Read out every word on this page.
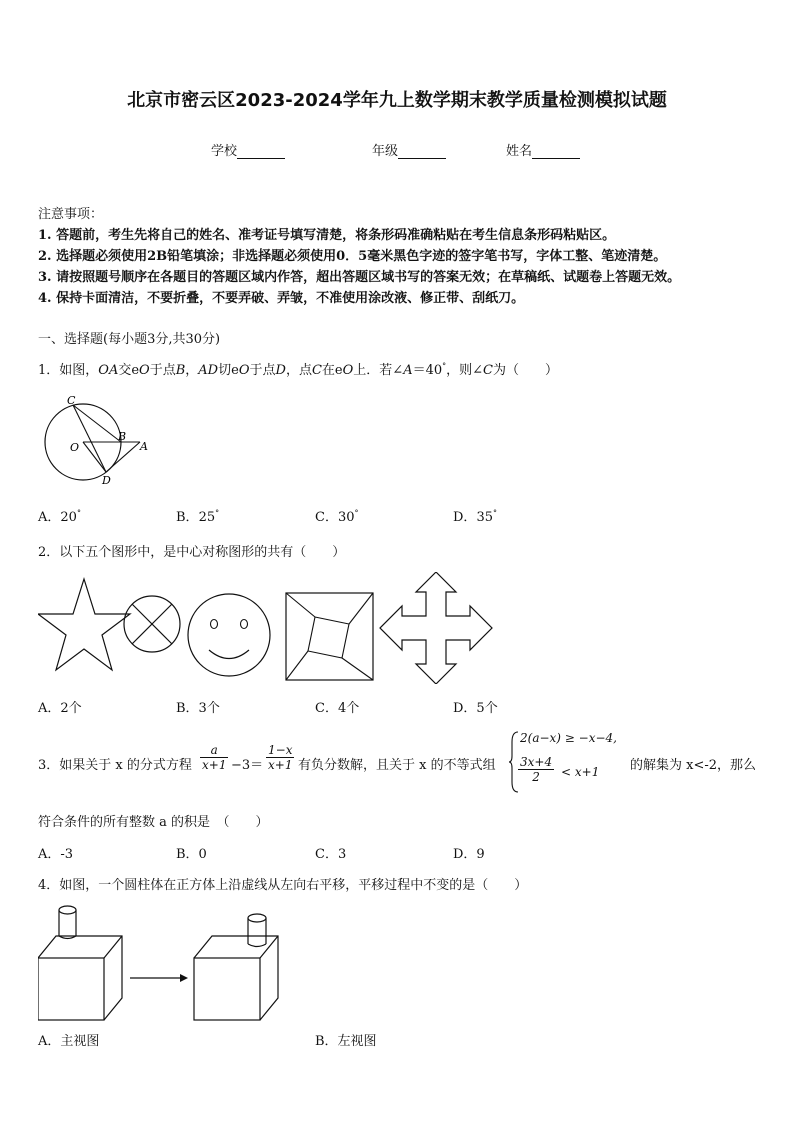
北京市密云区2023-2024学年九上数学期末教学质量检测模拟试题
学校	年级	姓名
注意事项：
1. 答题前，考生先将自己的姓名、准考证号填写清楚，将条形码准确粘贴在考生信息条形码粘贴区。
2. 选择题必须使用2B铅笔填涂；非选择题必须使用0．5毫米黑色字迹的签字笔书写，字体工整、笔迹清楚。
3. 请按照题号顺序在各题目的答题区域内作答，超出答题区域书写的答案无效；在草稿纸、试题卷上答题无效。
4. 保持卡面清洁，不要折叠，不要弄破、弄皱，不准使用涂改液、修正带、刮纸刀。
一、选择题(每小题3分,共30分)
1．如图，OA交eO于点B，AD切eO于点D，点C在eO上．若∠A＝40°，则∠C为（　　）
C
O
B
A
D
A．20°	B．25°	C．30°	D．35°
2．以下五个图形中，是中心对称图形的共有（　　）
A．2个	B．3个	C．4个	D．5个
3．如果关于 x 的分式方程 $\frac{a}{x+1} -3= \frac{1-x}{x+1}$ 有负分数解，且关于 x 的不等式组
2(a−x) ≥ −x−4,
$\frac{3x+4}{2} < x+1$ 的解集为 x<-2，那么
符合条件的所有整数 a 的积是　（　　）
A．-3	B．0	C．3	D．9
4．如图，一个圆柱体在正方体上沿虚线从左向右平移，平移过程中不变的是（　　）
A．主视图	B．左视图
